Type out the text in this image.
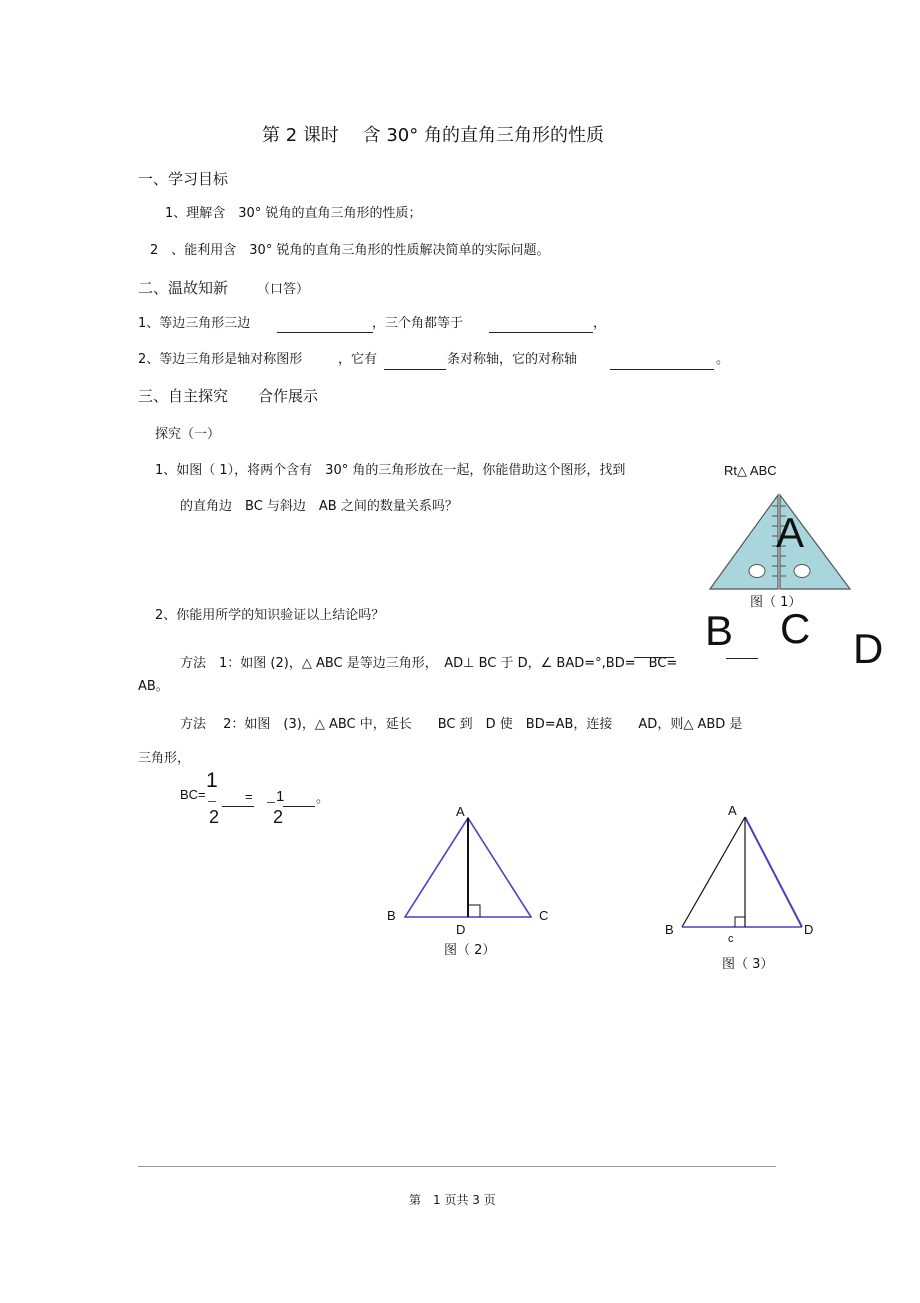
第 2 课时　 含 30° 角的直角三角形的性质
一、学习目标
1、理解含　30° 锐角的直角三角形的性质；
2　、能利用含　30° 锐角的直角三角形的性质解决简单的实际问题。
二、温故知新 （口答）
1、等边三角形三边	，三个角都等于	，
2、等边三角形是轴对称图形	，它有	条对称轴，它的对称轴	。
三、自主探究　　合作展示
探究（一）
1、如图（ 1），将两个含有　30° 角的三角形放在一起，你能借助这个图形，找到	Rt△ ABC
的直角边　BC 与斜边　AB 之间的数量关系吗？
A
图（ 1）
B C D
2、你能用所学的知识验证以上结论吗？
方法　1：如图 (2)，△ ABC 是等边三角形，　AD⊥ BC 于 D，∠ BAD=°,BD=　BC=
AB。
方法　 2：如图　(3)，△ ABC 中，延长　　BC 到　D 使　BD=AB，连接　　AD，则△ ABD 是
三角形，
BC=
1
2
= 1
2
。
A
B	C
D
图（ 2）
A
B
c
D
图（ 3）
第　1 页共 3 页
